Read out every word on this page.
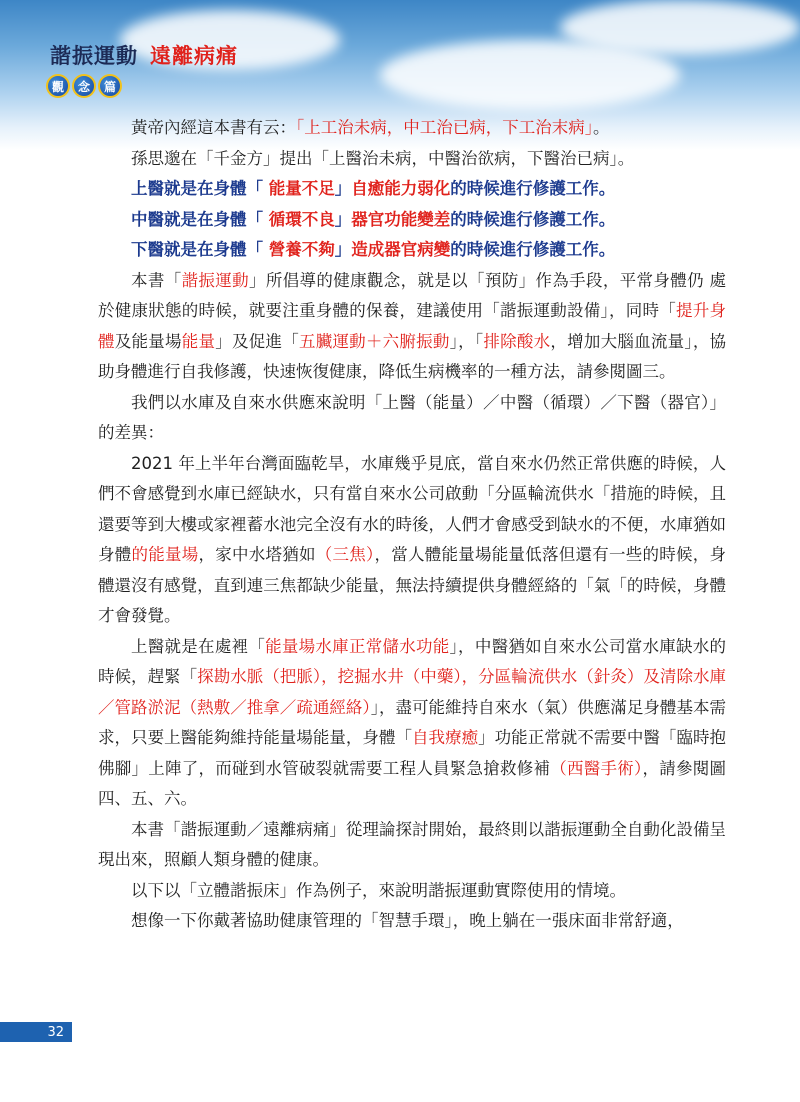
諧振運動 遠離病痛
觀	念	篇

黃帝內經這本書有云：「上工治未病，中工治已病，下工治末病」。

孫思邈在「千金方」提出「上醫治未病，中醫治欲病，下醫治已病」。

上醫就是在身體「 能量不足」自癒能力弱化的時候進行修護工作。

中醫就是在身體「 循環不良」器官功能變差的時候進行修護工作。

下醫就是在身體「 營養不夠」造成器官病變的時候進行修護工作。

本書「諧振運動」所倡導的健康觀念，就是以「預防」作為手段，平常身體仍 處於健康狀態的時候，就要注重身體的保養，建議使用「諧振運動設備」，同時「提升身體及能量場能量」及促進「五臟運動＋六腑振動」，「排除酸水，增加大腦血流量」，協助身體進行自我修護，快速恢復健康，降低生病機率的一種方法，請參閱圖三。

我們以水庫及自來水供應來說明「上醫（能量）／中醫（循環）／下醫（器官）」的差異：

2021 年上半年台灣面臨乾旱，水庫幾乎見底，當自來水仍然正常供應的時候，人們不會感覺到水庫已經缺水，只有當自來水公司啟動「分區輪流供水「措施的時候，且還要等到大樓或家裡蓄水池完全沒有水的時後，人們才會感受到缺水的不便，水庫猶如身體的能量場，家中水塔猶如（三焦），當人體能量場能量低落但還有一些的時候，身體還沒有感覺，直到連三焦都缺少能量，無法持續提供身體經絡的「氣「的時候，身體才會發覺。

上醫就是在處裡「能量場水庫正常儲水功能」，中醫猶如自來水公司當水庫缺水的時候，趕緊「探勘水脈（把脈），挖掘水井（中藥），分區輪流供水（針灸）及清除水庫／管路淤泥（熱敷／推拿／疏通經絡）」，盡可能維持自來水（氣）供應滿足身體基本需求，只要上醫能夠維持能量場能量，身體「自我療癒」功能正常就不需要中醫「臨時抱佛腳」上陣了，而碰到水管破裂就需要工程人員緊急搶救修補（西醫手術），請參閱圖四、五、六。

本書「諧振運動／遠離病痛」從理論探討開始，最終則以諧振運動全自動化設備呈現出來，照顧人類身體的健康。

以下以「立體諧振床」作為例子，來說明諧振運動實際使用的情境。

想像一下你戴著協助健康管理的「智慧手環」，晚上躺在一張床面非常舒適，

32
